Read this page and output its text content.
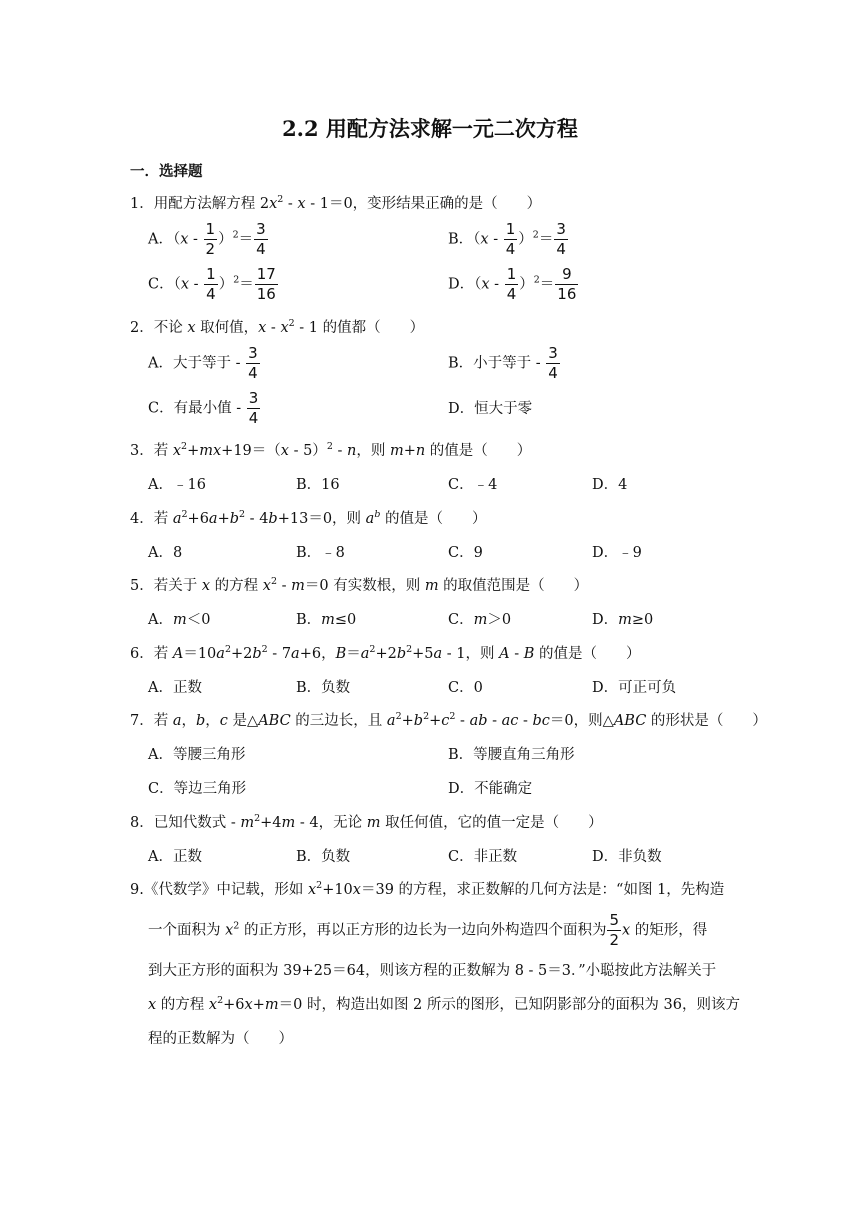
2.2 用配方法求解一元二次方程
一．选择题
1．用配方法解方程 $2x^2 - x - 1=0$，变形结果正确的是（　　）
A．$(x - \frac{1}{2} )^2= \frac{3}{4}$	B．$(x - \frac{1}{4} )^2= \frac{3}{4}$
C．$(x - \frac{1}{4} )^2= \frac{17}{16}$	D．$(x - \frac{1}{4} )^2= \frac{9}{16}$
2．不论 x 取何值，x - $x^2 - 1$ 的值都（　　）
A．大于等于 - $\frac{3}{4}$	B．小于等于 - $\frac{3}{4}$
C．有最小值 - $\frac{3}{4}$	D．恒大于零
3．若 $x^2+mx+19=(x - 5)^2 - n$，则 m+n 的值是（　　）
A．﹣16	B．16	C．﹣4	D．4
4．若 $a^2+6a+b^2 - 4b+13=0$，则 $a^b$ 的值是（　　）
A．8	B．﹣8	C．9	D．﹣9
5．若关于 x 的方程 $x^2 - m=0$ 有实数根，则 m 的取值范围是（　　）
A．m＜0	B．m≤0	C．m＞0	D．m≥0
6．若 $A=10a^2+2b^2 - 7a+6$，$B=a^2+2b^2+5a - 1$，则 A - B 的值是（　　）
A．正数	B．负数	C．0	D．可正可负
7．若 a，b，c 是△ABC 的三边长，且 $a^2+b^2+c^2$ - ab - ac - bc＝0，则△ABC 的形状是（　　）
A．等腰三角形	B．等腰直角三角形
C．等边三角形	D．不能确定
8．已知代数式 - $m^2+4m - 4$，无论 m 取任何值，它的值一定是（　　）
A．正数	B．负数	C．非正数	D．非负数
9.《代数学》中记载，形如 $x^2+10x=39$ 的方程，求正数解的几何方法是：“如图 1，先构造
一个面积为 $x^2$ 的正方形，再以正方形的边长为一边向外构造四个面积为 $\frac{5}{2}$ x 的矩形，得
到大正方形的面积为 39+25＝64，则该方程的正数解为 8 - 5＝3．”小聪按此方法解关于
x 的方程 $x^2+6x+m=0$ 时，构造出如图 2 所示的图形，已知阴影部分的面积为 36，则该方
程的正数解为（　　）
